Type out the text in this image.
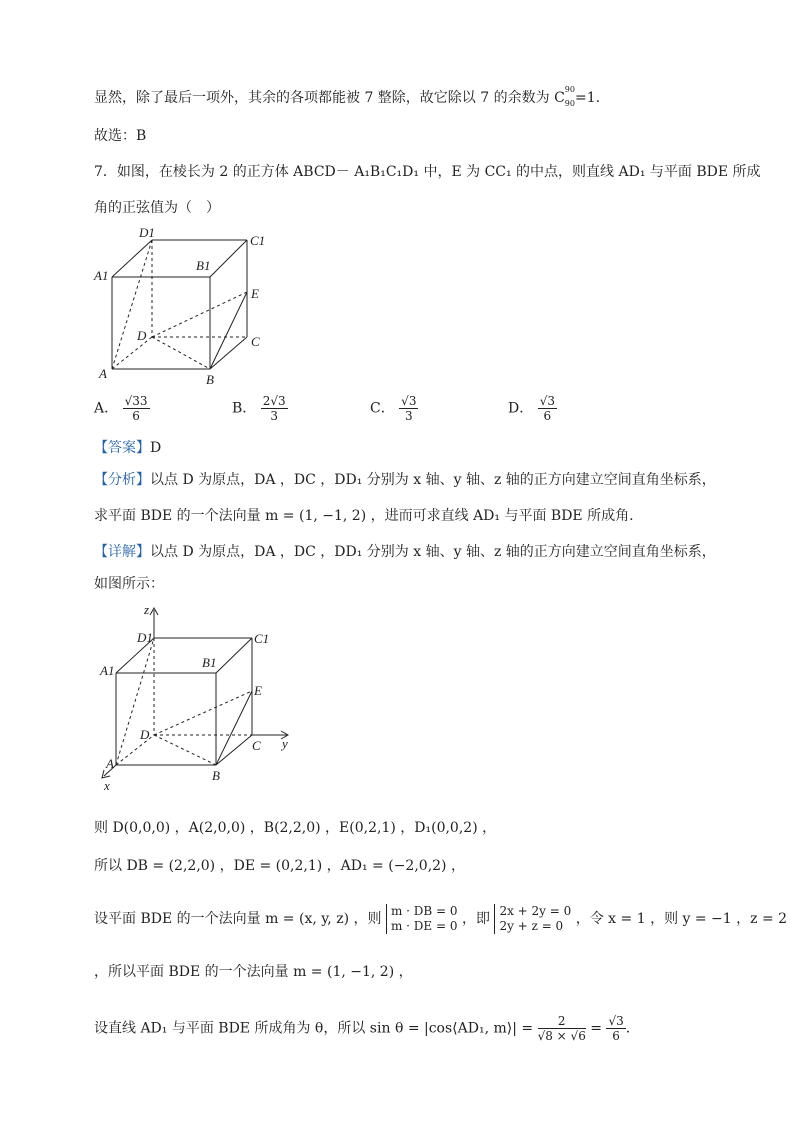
显然，除了最后一项外，其余的各项都能被 7 整除，故它除以 7 的余数为 C
90
$_{90}$=1.
故选：B
7．如图，在棱长为 2 的正方体 ABCD－ A₁B₁C₁D₁ 中，E 为 CC₁ 的中点，则直线 AD₁ 与平面 BDE 所成
角的正弦值为（　）
D1
C1
A1
B1
E
D	C
A	B
A． $\frac{√33}{6}$	B． $\frac{2√3}{3}$	C． $\frac{√3}{3}$	D． $\frac{√3}{6}$
【答案】D
【分析】以点 D 为原点，DA ，DC ，DD₁ 分别为 x 轴、y 轴、z 轴的正方向建立空间直角坐标系，
求平面 BDE 的一个法向量 m = (1, −1, 2) ，进而可求直线 AD₁ 与平面 BDE 所成角.
【详解】以点 D 为原点，DA ，DC ，DD₁ 分别为 x 轴、y 轴、z 轴的正方向建立空间直角坐标系，
如图所示：
z
D1	C1
A1
B1
E
D
C y
A
B
x
则 D(0,0,0) ，A(2,0,0) ，B(2,2,0) ，E(0,2,1) ，D₁(0,0,2) ，
所以 DB = (2,2,0) ，DE = (0,2,1) ，AD₁ = (−2,0,2) ，
设平面 BDE 的一个法向量 m = (x, y, z) ，则 m · DB = 0
m · DE = 0 ，即 2x + 2y = 0
2y + z = 0 ，令 x = 1 ，则 y = −1 ，z = 2
，所以平面 BDE 的一个法向量 m = (1, −1, 2) ，
设直线 AD₁ 与平面 BDE 所成角为 θ，所以 sin θ = |cos⟨AD₁, m⟩| = $\frac{2}{√8 \times √6} = \frac{√3}{6}$ .
